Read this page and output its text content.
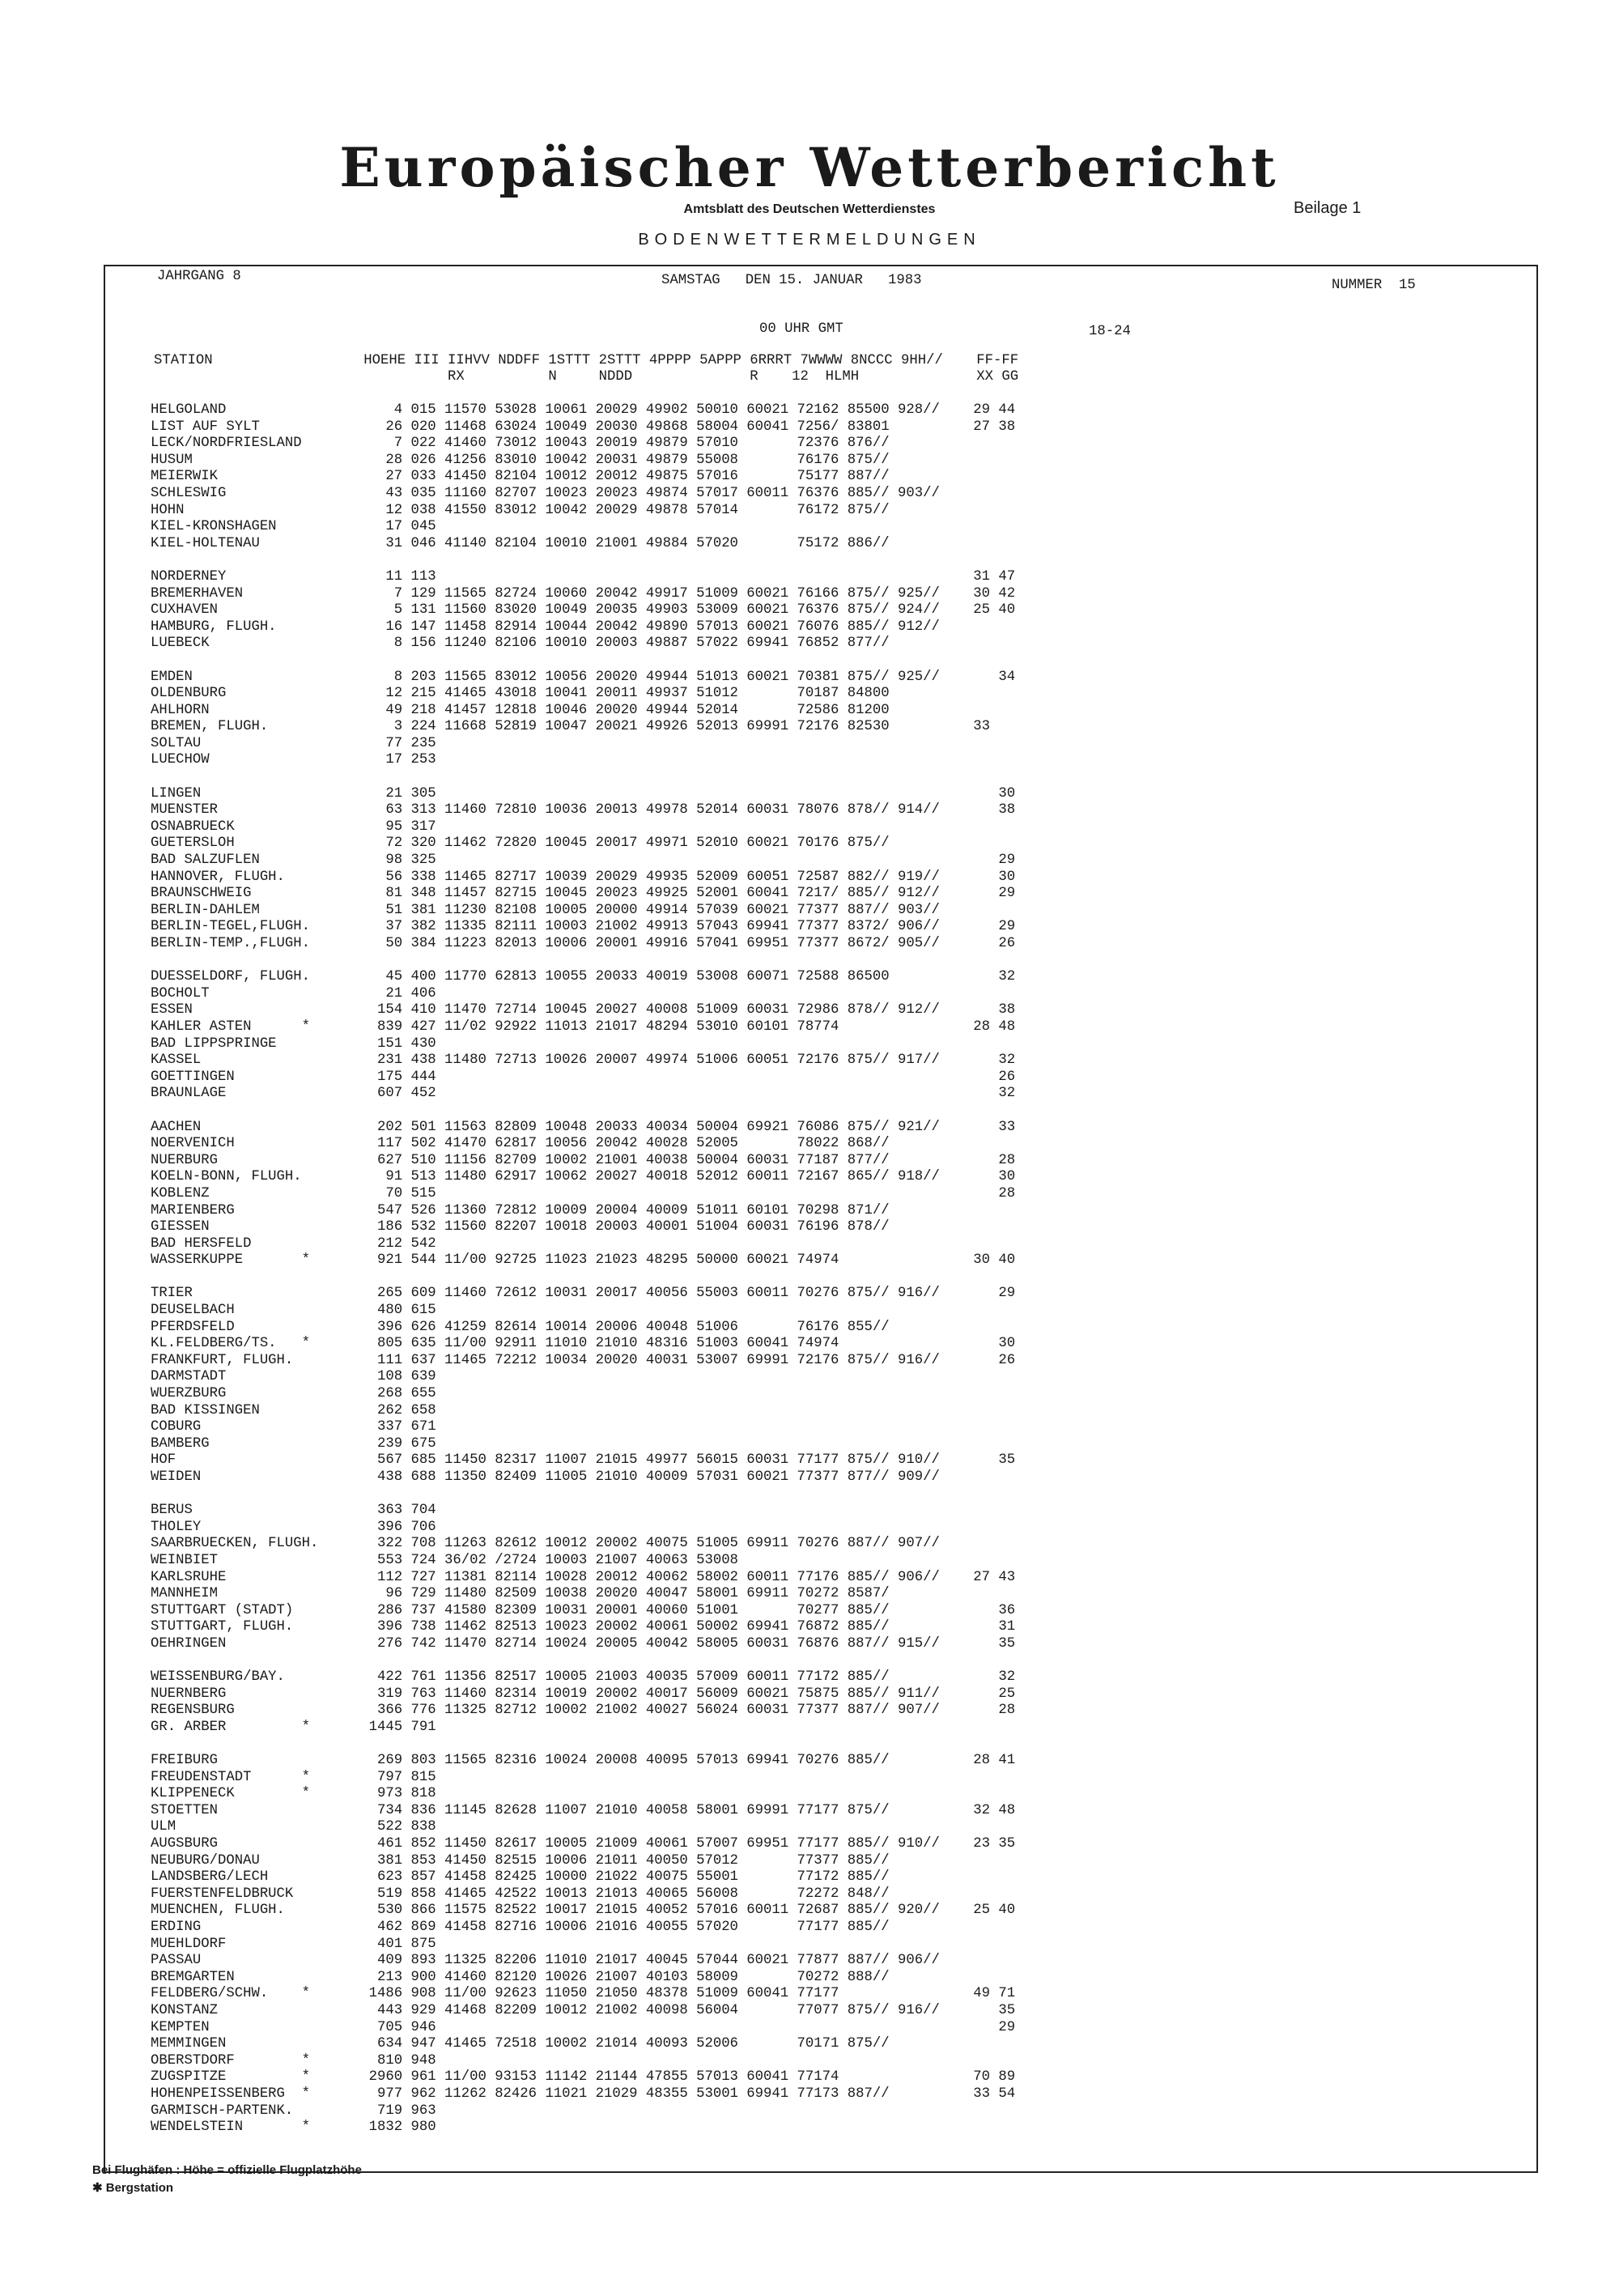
Europäischer Wetterbericht
Amtsblatt des Deutschen Wetterdienstes	Beilage 1
BODENWETTERMELDUNGEN
JAHRGANG 8	SAMSTAG   DEN 15. JANUAR   1983	NUMMER  15
00 UHR GMT	18-24
STATION                  HOEHE III IIHVV NDDFF 1STTT 2STTT 4PPPP 5APPP 6RRRT 7WWWW 8NCCC 9HH//    FF-FF
RX          N     NDDD              R    12  HLMH              XX GG
HELGOLAND                    4 015 11570 53028 10061 20029 49902 50010 60021 72162 85500 928//    29 44
LIST AUF SYLT               26 020 11468 63024 10049 20030 49868 58004 60041 7256/ 83801          27 38
LECK/NORDFRIESLAND           7 022 41460 73012 10043 20019 49879 57010       72376 876//
HUSUM                       28 026 41256 83010 10042 20031 49879 55008       76176 875//
MEIERWIK                    27 033 41450 82104 10012 20012 49875 57016       75177 887//
SCHLESWIG                   43 035 11160 82707 10023 20023 49874 57017 60011 76376 885// 903//
HOHN                        12 038 41550 83012 10042 20029 49878 57014       76172 875//
KIEL-KRONSHAGEN             17 045
KIEL-HOLTENAU               31 046 41140 82104 10010 21001 49884 57020       75172 886//
NORDERNEY                   11 113                                                                31 47
BREMERHAVEN                  7 129 11565 82724 10060 20042 49917 51009 60021 76166 875// 925//    30 42
CUXHAVEN                     5 131 11560 83020 10049 20035 49903 53009 60021 76376 875// 924//    25 40
HAMBURG, FLUGH.             16 147 11458 82914 10044 20042 49890 57013 60021 76076 885// 912//
LUEBECK                      8 156 11240 82106 10010 20003 49887 57022 69941 76852 877//
EMDEN                        8 203 11565 83012 10056 20020 49944 51013 60021 70381 875// 925//       34
OLDENBURG                   12 215 41465 43018 10041 20011 49937 51012       70187 84800
AHLHORN                     49 218 41457 12818 10046 20020 49944 52014       72586 81200
BREMEN, FLUGH.               3 224 11668 52819 10047 20021 49926 52013 69991 72176 82530          33
SOLTAU                      77 235
LUECHOW                     17 253
LINGEN                      21 305                                                                   30
MUENSTER                    63 313 11460 72810 10036 20013 49978 52014 60031 78076 878// 914//       38
OSNABRUECK                  95 317
GUETERSLOH                  72 320 11462 72820 10045 20017 49971 52010 60021 70176 875//
BAD SALZUFLEN               98 325                                                                   29
HANNOVER, FLUGH.            56 338 11465 82717 10039 20029 49935 52009 60051 72587 882// 919//       30
BRAUNSCHWEIG                81 348 11457 82715 10045 20023 49925 52001 60041 7217/ 885// 912//       29
BERLIN-DAHLEM               51 381 11230 82108 10005 20000 49914 57039 60021 77377 887// 903//
BERLIN-TEGEL,FLUGH.         37 382 11335 82111 10003 21002 49913 57043 69941 77377 8372/ 906//       29
BERLIN-TEMP.,FLUGH.         50 384 11223 82013 10006 20001 49916 57041 69951 77377 8672/ 905//       26
DUESSELDORF, FLUGH.         45 400 11770 62813 10055 20033 40019 53008 60071 72588 86500             32
BOCHOLT                     21 406
ESSEN                      154 410 11470 72714 10045 20027 40008 51009 60031 72986 878// 912//       38
KAHLER ASTEN      *        839 427 11/02 92922 11013 21017 48294 53010 60101 78774                28 48
BAD LIPPSPRINGE            151 430
KASSEL                     231 438 11480 72713 10026 20007 49974 51006 60051 72176 875// 917//       32
GOETTINGEN                 175 444                                                                   26
BRAUNLAGE                  607 452                                                                   32
AACHEN                     202 501 11563 82809 10048 20033 40034 50004 69921 76086 875// 921//       33
NOERVENICH                 117 502 41470 62817 10056 20042 40028 52005       78022 868//
NUERBURG                   627 510 11156 82709 10002 21001 40038 50004 60031 77187 877//             28
KOELN-BONN, FLUGH.          91 513 11480 62917 10062 20027 40018 52012 60011 72167 865// 918//       30
KOBLENZ                     70 515                                                                   28
MARIENBERG                 547 526 11360 72812 10009 20004 40009 51011 60101 70298 871//
GIESSEN                    186 532 11560 82207 10018 20003 40001 51004 60031 76196 878//
BAD HERSFELD               212 542
WASSERKUPPE       *        921 544 11/00 92725 11023 21023 48295 50000 60021 74974                30 40
TRIER                      265 609 11460 72612 10031 20017 40056 55003 60011 70276 875// 916//       29
DEUSELBACH                 480 615
PFERDSFELD                 396 626 41259 82614 10014 20006 40048 51006       76176 855//
KL.FELDBERG/TS.   *        805 635 11/00 92911 11010 21010 48316 51003 60041 74974                   30
FRANKFURT, FLUGH.          111 637 11465 72212 10034 20020 40031 53007 69991 72176 875// 916//       26
DARMSTADT                  108 639
WUERZBURG                  268 655
BAD KISSINGEN              262 658
COBURG                     337 671
BAMBERG                    239 675
HOF                        567 685 11450 82317 11007 21015 49977 56015 60031 77177 875// 910//       35
WEIDEN                     438 688 11350 82409 11005 21010 40009 57031 60021 77377 877// 909//
BERUS                      363 704
THOLEY                     396 706
SAARBRUECKEN, FLUGH.       322 708 11263 82612 10012 20002 40075 51005 69911 70276 887// 907//
WEINBIET                   553 724 36/02 /2724 10003 21007 40063 53008
KARLSRUHE                  112 727 11381 82114 10028 20012 40062 58002 60011 77176 885// 906//    27 43
MANNHEIM                    96 729 11480 82509 10038 20020 40047 58001 69911 70272 8587/
STUTTGART (STADT)          286 737 41580 82309 10031 20001 40060 51001       70277 885//             36
STUTTGART, FLUGH.          396 738 11462 82513 10023 20002 40061 50002 69941 76872 885//             31
OEHRINGEN                  276 742 11470 82714 10024 20005 40042 58005 60031 76876 887// 915//       35
WEISSENBURG/BAY.           422 761 11356 82517 10005 21003 40035 57009 60011 77172 885//             32
NUERNBERG                  319 763 11460 82314 10019 20002 40017 56009 60021 75875 885// 911//       25
REGENSBURG                 366 776 11325 82712 10002 21002 40027 56024 60031 77377 887// 907//       28
GR. ARBER         *       1445 791
FREIBURG                   269 803 11565 82316 10024 20008 40095 57013 69941 70276 885//          28 41
FREUDENSTADT      *        797 815
KLIPPENECK        *        973 818
STOETTEN                   734 836 11145 82628 11007 21010 40058 58001 69991 77177 875//          32 48
ULM                        522 838
AUGSBURG                   461 852 11450 82617 10005 21009 40061 57007 69951 77177 885// 910//    23 35
NEUBURG/DONAU              381 853 41450 82515 10006 21011 40050 57012       77377 885//
LANDSBERG/LECH             623 857 41458 82425 10000 21022 40075 55001       77172 885//
FUERSTENFELDBRUCK          519 858 41465 42522 10013 21013 40065 56008       72272 848//
MUENCHEN, FLUGH.           530 866 11575 82522 10017 21015 40052 57016 60011 72687 885// 920//    25 40
ERDING                     462 869 41458 82716 10006 21016 40055 57020       77177 885//
MUEHLDORF                  401 875
PASSAU                     409 893 11325 82206 11010 21017 40045 57044 60021 77877 887// 906//
BREMGARTEN                 213 900 41460 82120 10026 21007 40103 58009       70272 888//
FELDBERG/SCHW.    *       1486 908 11/00 92623 11050 21050 48378 51009 60041 77177                49 71
KONSTANZ                   443 929 41468 82209 10012 21002 40098 56004       77077 875// 916//       35
KEMPTEN                    705 946                                                                   29
MEMMINGEN                  634 947 41465 72518 10002 21014 40093 52006       70171 875//
OBERSTDORF        *        810 948
ZUGSPITZE         *       2960 961 11/00 93153 11142 21144 47855 57013 60041 77174                70 89
HOHENPEISSENBERG  *        977 962 11262 82426 11021 21029 48355 53001 69941 77173 887//          33 54
GARMISCH-PARTENK.          719 963
WENDELSTEIN       *       1832 980
Bei Flughäfen : Höhe = offizielle Flugplatzhöhe
✱ Bergstation
